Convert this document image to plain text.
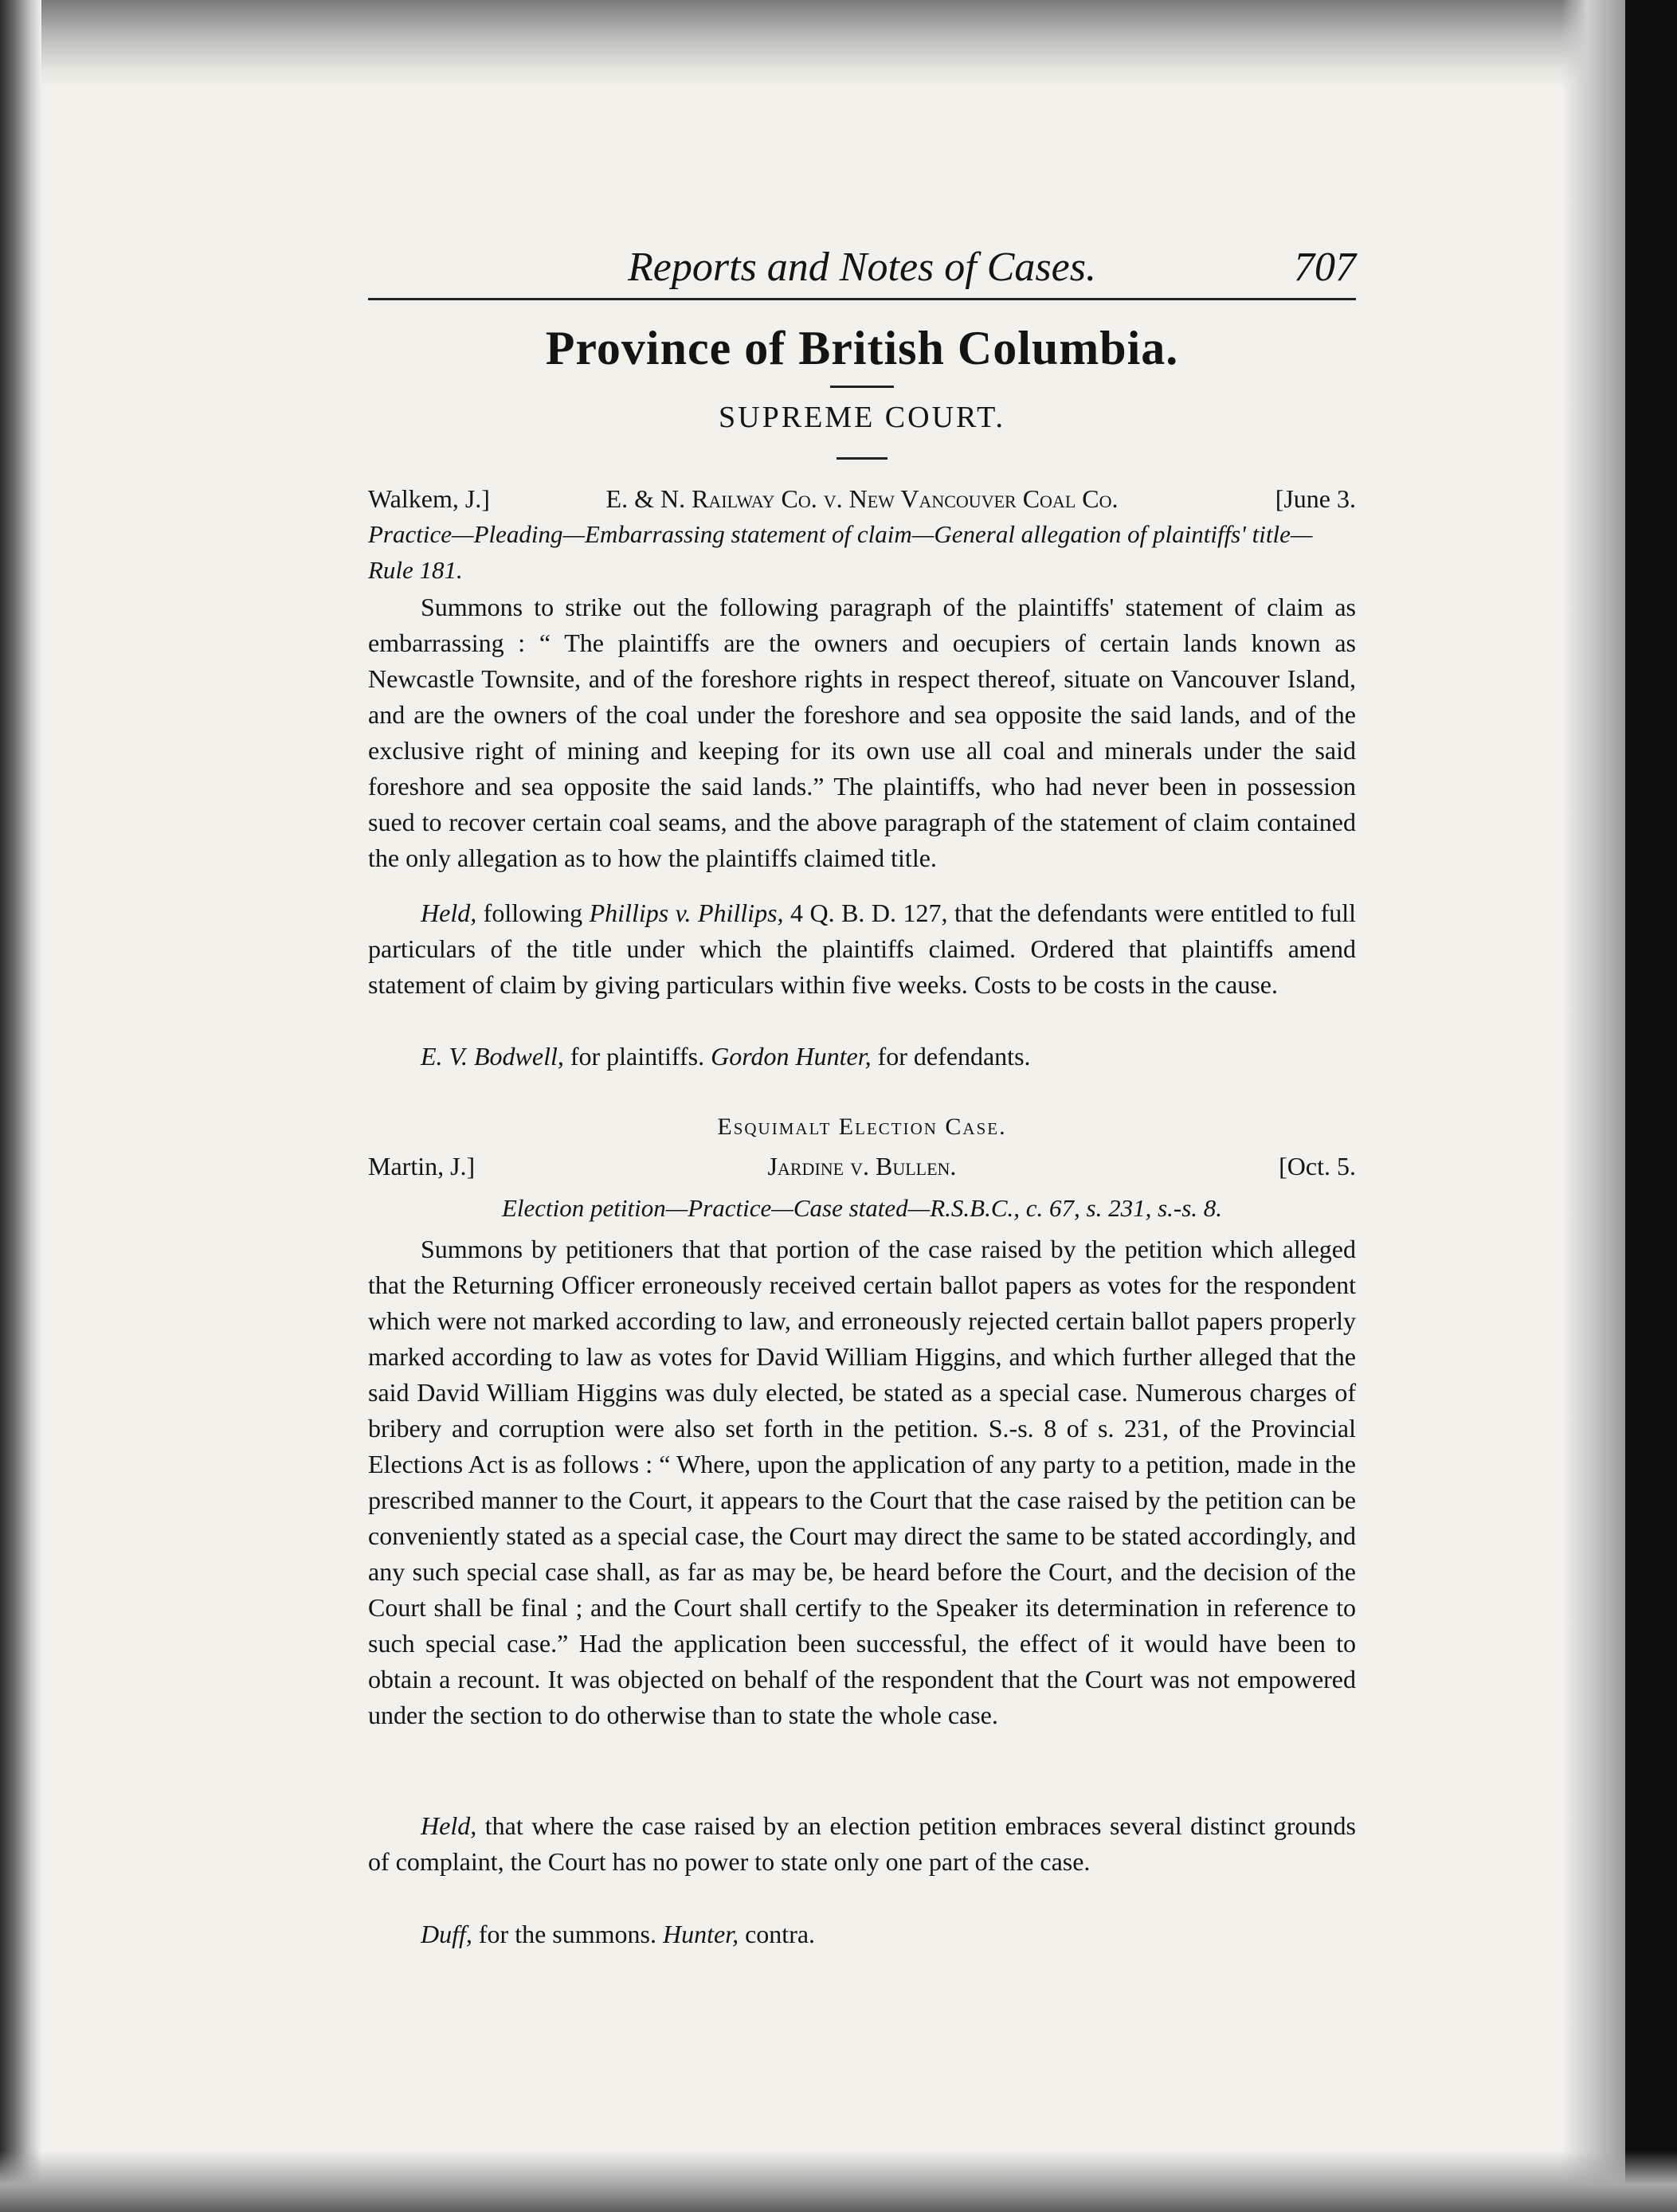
Reports and Notes of Cases.	707
Province of British Columbia.
SUPREME COURT.
Walkem, J.]	E. & N. Railway Co. v. New Vancouver Coal Co.	[June 3.
Practice—Pleading—Embarrassing statement of claim—General allegation of plaintiffs' title—Rule 181.

Summons to strike out the following paragraph of the plaintiffs' statement of claim as embarrassing : “ The plaintiffs are the owners and oecupiers of certain lands known as Newcastle Townsite, and of the foreshore rights in respect thereof, situate on Vancouver Island, and are the owners of the coal under the foreshore and sea opposite the said lands, and of the exclusive right of mining and keeping for its own use all coal and minerals under the said foreshore and sea opposite the said lands.” The plaintiffs, who had never been in possession sued to recover certain coal seams, and the above paragraph of the statement of claim contained the only allegation as to how the plaintiffs claimed title.

Held, following Phillips v. Phillips, 4 Q. B. D. 127, that the defendants were entitled to full particulars of the title under which the plaintiffs claimed. Ordered that plaintiffs amend statement of claim by giving particulars within five weeks. Costs to be costs in the cause.

E. V. Bodwell, for plaintiffs. Gordon Hunter, for defendants.

Esquimalt Election Case.
Martin, J.]	Jardine v. Bullen.	[Oct. 5.
Election petition—Practice—Case stated—R.S.B.C., c. 67, s. 231, s.-s. 8.

Summons by petitioners that that portion of the case raised by the petition which alleged that the Returning Officer erroneously received certain ballot papers as votes for the respondent which were not marked according to law, and erroneously rejected certain ballot papers properly marked according to law as votes for David William Higgins, and which further alleged that the said David William Higgins was duly elected, be stated as a special case. Numerous charges of bribery and corruption were also set forth in the petition. S.-s. 8 of s. 231, of the Provincial Elections Act is as follows : “ Where, upon the application of any party to a petition, made in the prescribed manner to the Court, it appears to the Court that the case raised by the petition can be conveniently stated as a special case, the Court may direct the same to be stated accordingly, and any such special case shall, as far as may be, be heard before the Court, and the decision of the Court shall be final ; and the Court shall certify to the Speaker its determination in reference to such special case.” Had the application been successful, the effect of it would have been to obtain a recount. It was objected on behalf of the respondent that the Court was not empowered under the section to do otherwise than to state the whole case.

Held, that where the case raised by an election petition embraces several distinct grounds of complaint, the Court has no power to state only one part of the case.

Duff, for the summons. Hunter, contra.
